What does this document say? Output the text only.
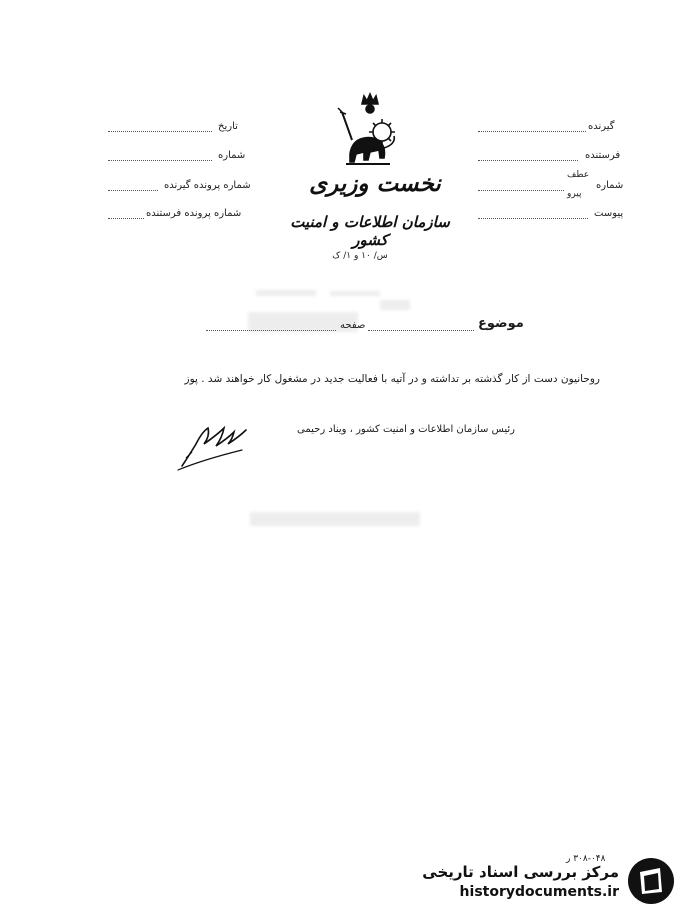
تاریخ
شماره
شماره پرونده گیرنده
شماره پرونده فرستنده
گیرنده
فرستنده
شماره
عطف
پیرو
پیوست
نخست وزیری
سازمان اطلاعات و امنیت کشور
س/ ۱۰ و ۱/ ک
موضوع
صفحه
روحانیون دست از کار گذشته بر تداشته و در آتیه با فعالیت جدید در مشغول کار خواهند شد . پوز
رئیس سازمان اطلاعات و امنیت کشور ، ویناد رحیمی
۳۰۸-۰۴۸ ر
مرکز بررسی اسناد تاریخی
historydocuments.ir
